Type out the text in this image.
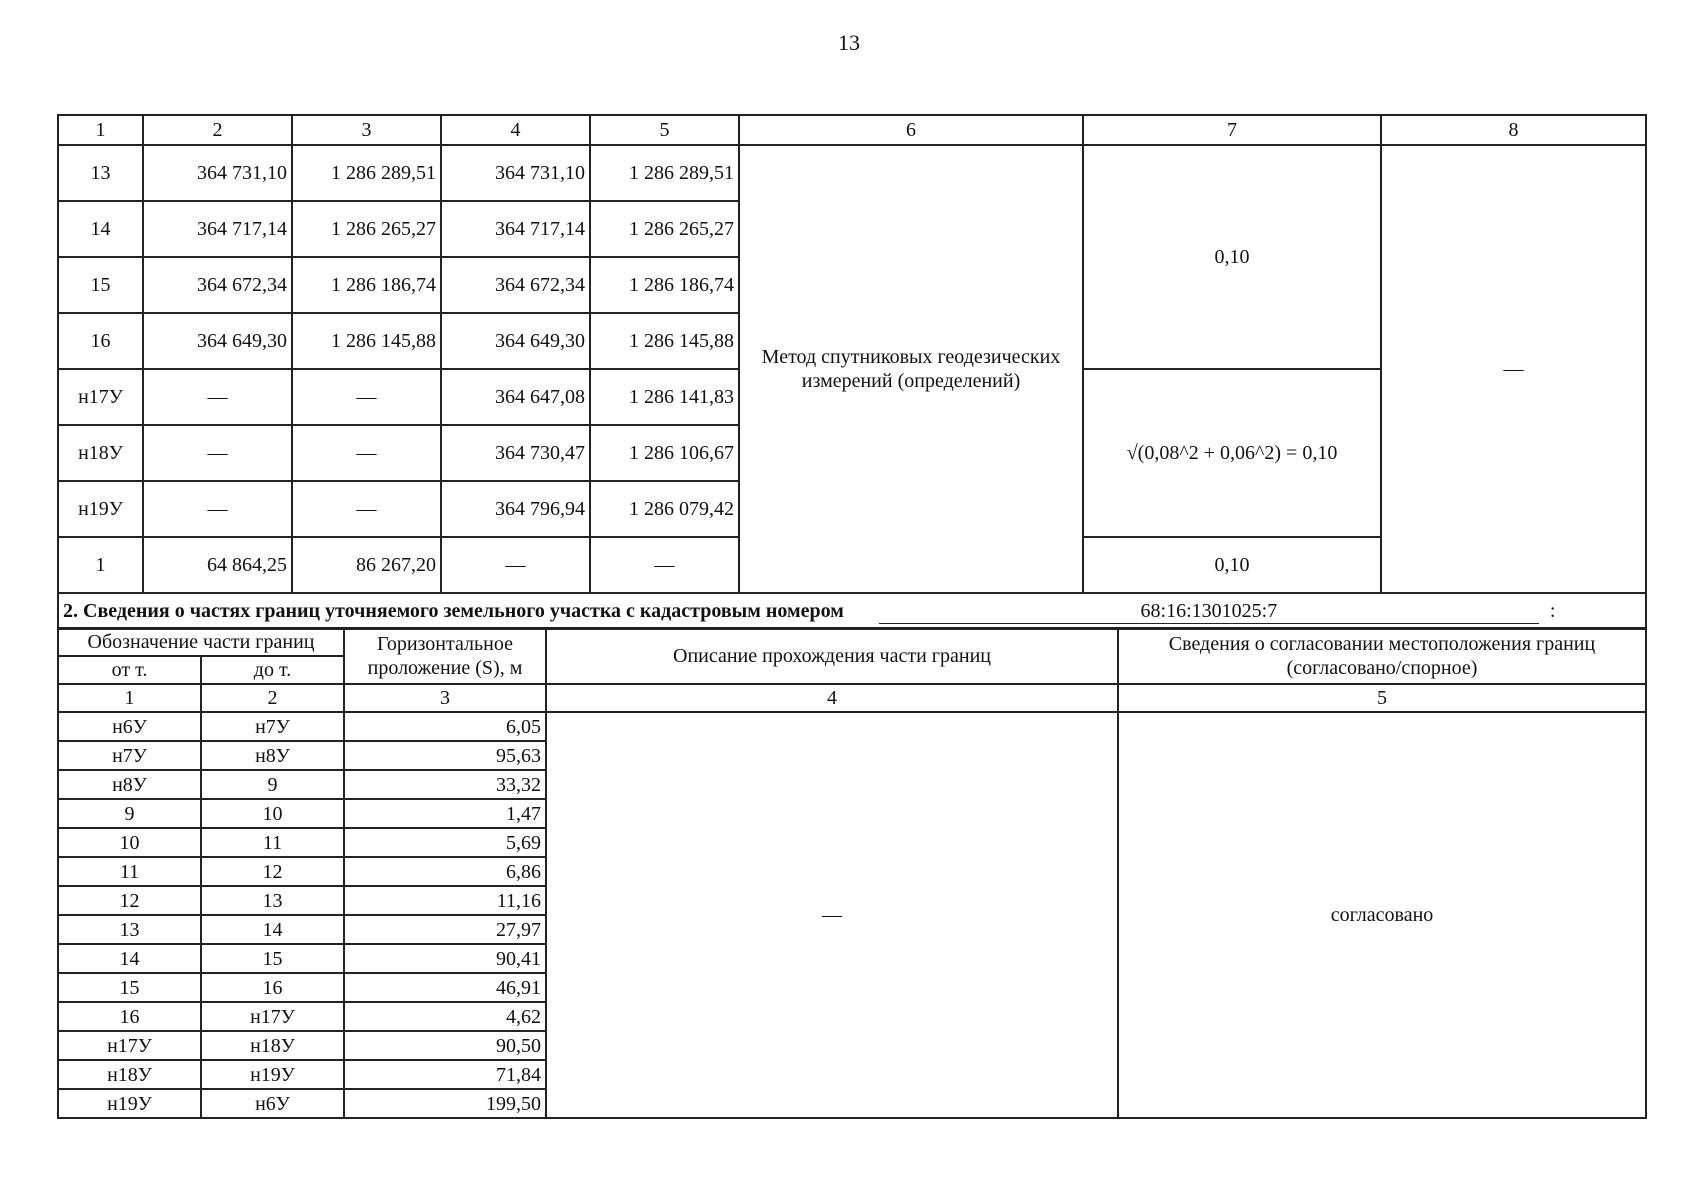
13
1	2	3	4	5	6	7	8
13	364 731,10	1 286 289,51	364 731,10	1 286 289,51	Метод спутниковых геодезических измерений (определений)	0,10	—
14	364 717,14	1 286 265,27	364 717,14	1 286 265,27			
15	364 672,34	1 286 186,74	364 672,34	1 286 186,74			
16	364 649,30	1 286 145,88	364 649,30	1 286 145,88			
н17У	—	—	364 647,08	1 286 141,83		√(0,08^2 + 0,06^2) = 0,10	
н18У	—	—	364 730,47	1 286 106,67			
н19У	—	—	364 796,94	1 286 079,42			
1	64 864,25	86 267,20	—	—		0,10	
2. Сведения о частях границ уточняемого земельного участка с кадастровым номером 68:16:1301025:7 :							
Обозначение части границ		Горизонтальное проложение (S), м	Описание прохождения части границ	Сведения о согласовании местоположения границ (согласовано/спорное)
от т.	до т.			
1	2	3	4	5
н6У	н7У	6,05	—	согласовано
н7У	н8У	95,63		
н8У	9	33,32		
9	10	1,47		
10	11	5,69		
11	12	6,86		
12	13	11,16		
13	14	27,97		
14	15	90,41		
15	16	46,91		
16	н17У	4,62		
н17У	н18У	90,50		
н18У	н19У	71,84		
н19У	н6У	199,50		
